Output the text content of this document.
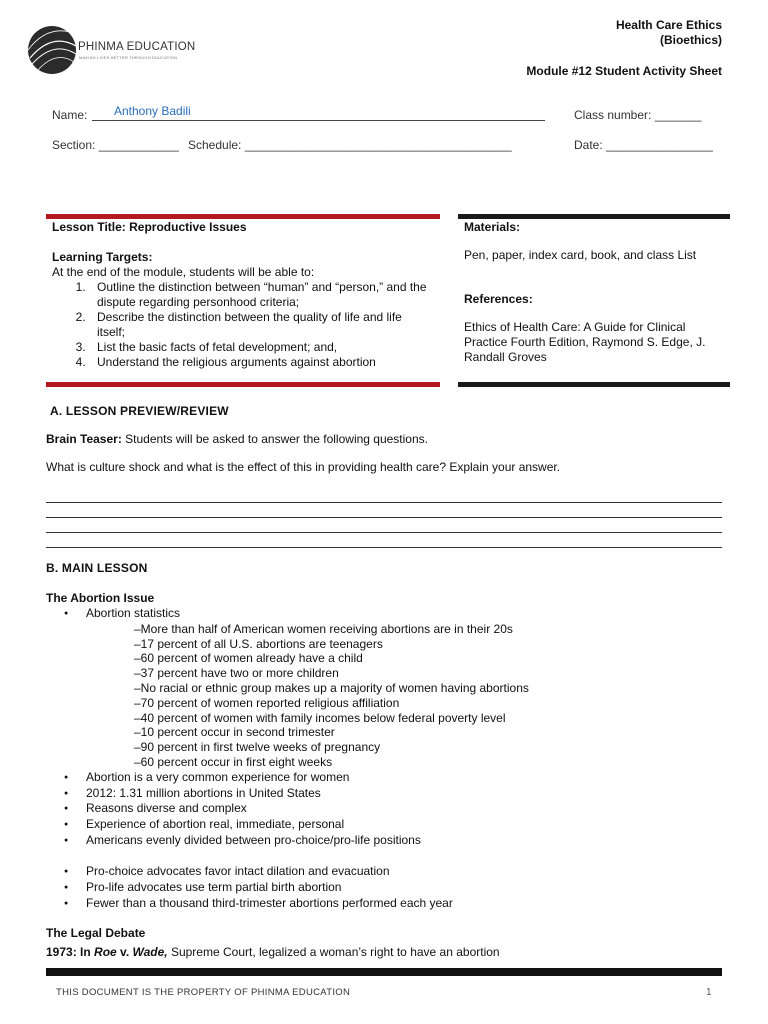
PHINMA EDUCATION
MAKING LIVES BETTER THROUGH EDUCATION
Health Care Ethics
(Bioethics)
Module #12 Student Activity Sheet
Name: Anthony Badili	Class number: _______
Section: ____________ Schedule: ________________________________________	Date: ________________
Lesson Title: Reproductive Issues
Learning Targets:
At the end of the module, students will be able to:
1. Outline the distinction between “human” and “person,” and the dispute regarding personhood criteria;
2. Describe the distinction between the quality of life and life itself;
3. List the basic facts of fetal development; and,
4. Understand the religious arguments against abortion
Materials:
Pen, paper, index card, book, and class List
References:
Ethics of Health Care: A Guide for Clinical Practice Fourth Edition, Raymond S. Edge, J. Randall Groves
A. LESSON PREVIEW/REVIEW
Brain Teaser: Students will be asked to answer the following questions.
What is culture shock and what is the effect of this in providing health care? Explain your answer.
B. MAIN LESSON
The Abortion Issue
● Abortion statistics
–More than half of American women receiving abortions are in their 20s
–17 percent of all U.S. abortions are teenagers
–60 percent of women already have a child
–37 percent have two or more children
–No racial or ethnic group makes up a majority of women having abortions
–70 percent of women reported religious affiliation
–40 percent of women with family incomes below federal poverty level
–10 percent occur in second trimester
–90 percent in first twelve weeks of pregnancy
–60 percent occur in first eight weeks
● Abortion is a very common experience for women
● 2012: 1.31 million abortions in United States
● Reasons diverse and complex
● Experience of abortion real, immediate, personal
● Americans evenly divided between pro-choice/pro-life positions
● Pro-choice advocates favor intact dilation and evacuation
● Pro-life advocates use term partial birth abortion
● Fewer than a thousand third-trimester abortions performed each year
The Legal Debate
1973: In Roe v. Wade, Supreme Court, legalized a woman’s right to have an abortion
THIS DOCUMENT IS THE PROPERTY OF PHINMA EDUCATION	1
